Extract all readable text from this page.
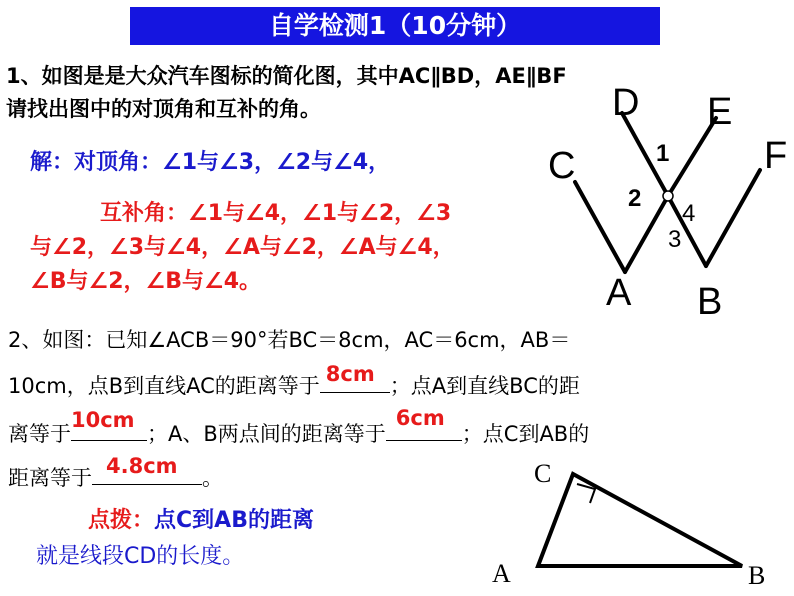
自学检测1（10分钟）
1、如图是是大众汽车图标的简化图，其中AC∥BD，AE∥BF
请找出图中的对顶角和互补的角。
解：对顶角：∠1与∠3，∠2与∠4，
互补角：∠1与∠4，∠1与∠2，∠3
与∠2，∠3与∠4，∠A与∠2，∠A与∠4，
∠B与∠2，∠B与∠4。
D E
F
C
A B
1
2
3
4
C
A	B
2、如图：已知∠ACB＝90°若BC＝8cm，AC＝6cm，AB＝
10cm，点B到直线AC的距离等于 8cm ；点A到直线BC的距
离等于
10cm
；A、B两点间的距离等于
6cm
；点C到AB的
距离等于 4.8cm 。
点拨：点C到AB的距离
就是线段CD的长度。
